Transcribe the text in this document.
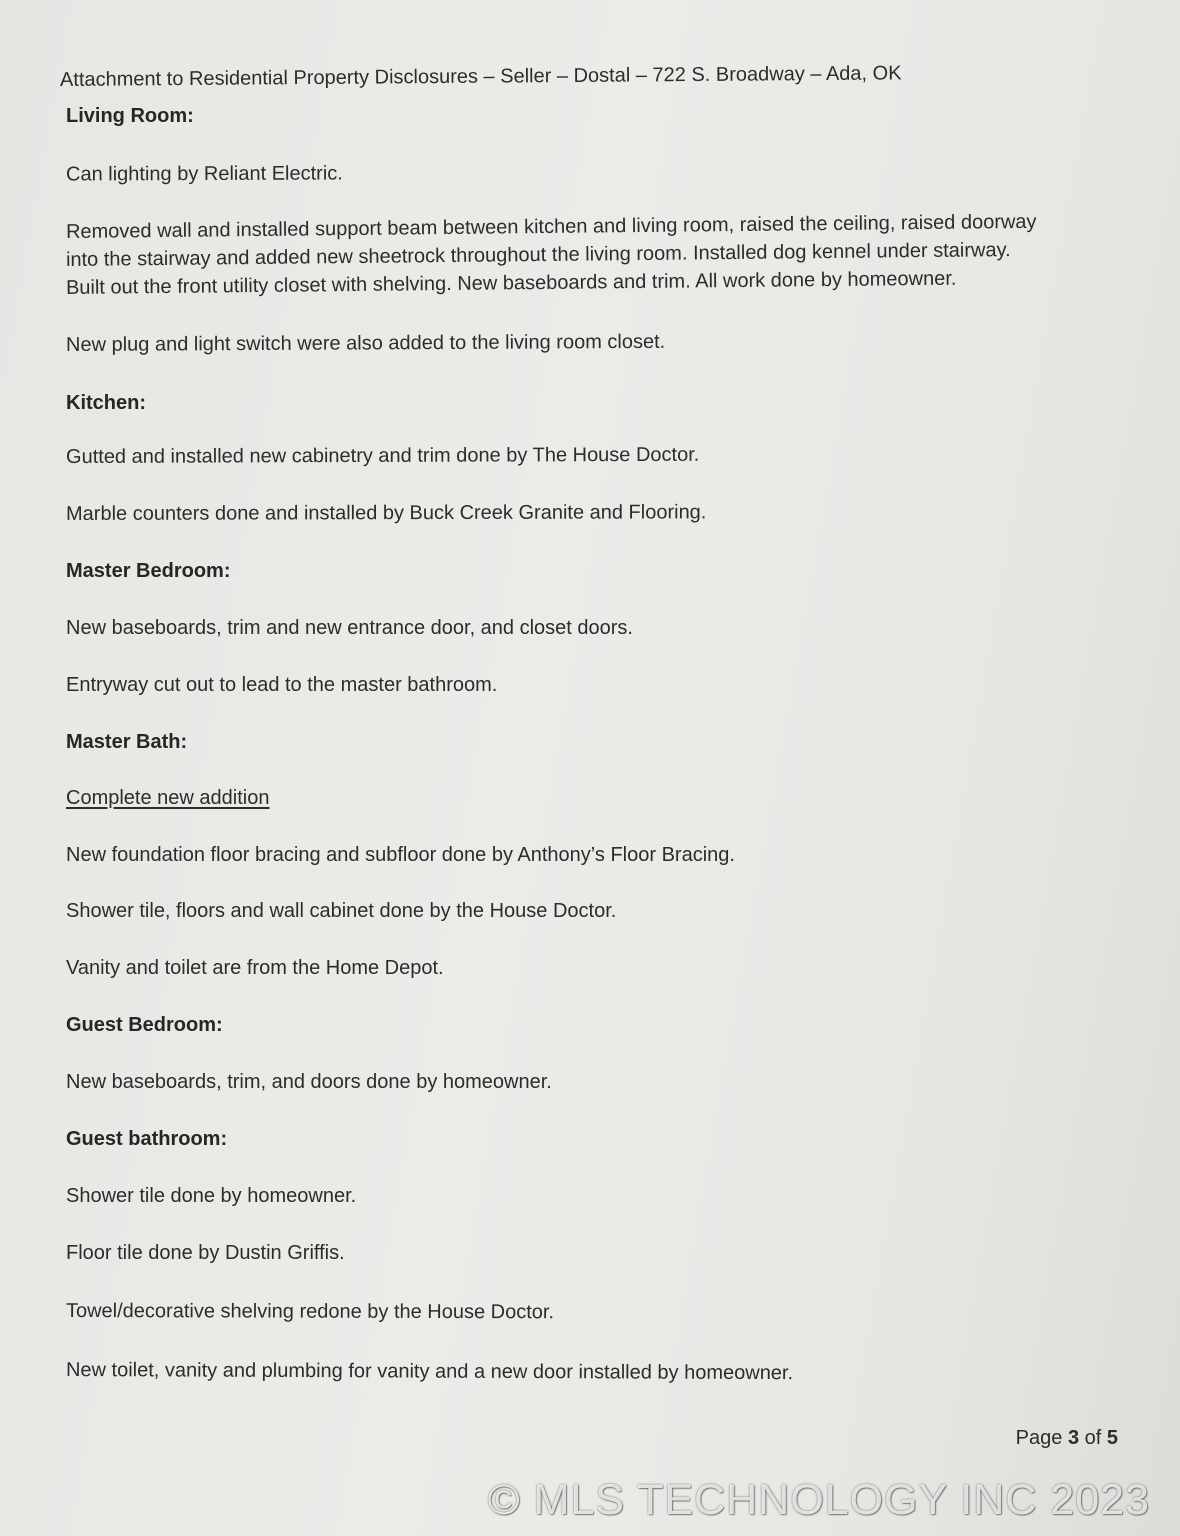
Attachment to Residential Property Disclosures – Seller – Dostal – 722 S. Broadway – Ada, OK
Living Room:
Can lighting by Reliant Electric.
Removed wall and installed support beam between kitchen and living room, raised the ceiling, raised doorway
into the stairway and added new sheetrock throughout the living room. Installed dog kennel under stairway.
Built out the front utility closet with shelving. New baseboards and trim. All work done by homeowner.
New plug and light switch were also added to the living room closet.
Kitchen:
Gutted and installed new cabinetry and trim done by The House Doctor.
Marble counters done and installed by Buck Creek Granite and Flooring.
Master Bedroom:
New baseboards, trim and new entrance door, and closet doors.
Entryway cut out to lead to the master bathroom.
Master Bath:
Complete new addition
New foundation floor bracing and subfloor done by Anthony’s Floor Bracing.
Shower tile, floors and wall cabinet done by the House Doctor.
Vanity and toilet are from the Home Depot.
Guest Bedroom:
New baseboards, trim, and doors done by homeowner.
Guest bathroom:
Shower tile done by homeowner.
Floor tile done by Dustin Griffis.
Towel/decorative shelving redone by the House Doctor.
New toilet, vanity and plumbing for vanity and a new door installed by homeowner.
Page 3 of 5
© MLS TECHNOLOGY INC 2023
